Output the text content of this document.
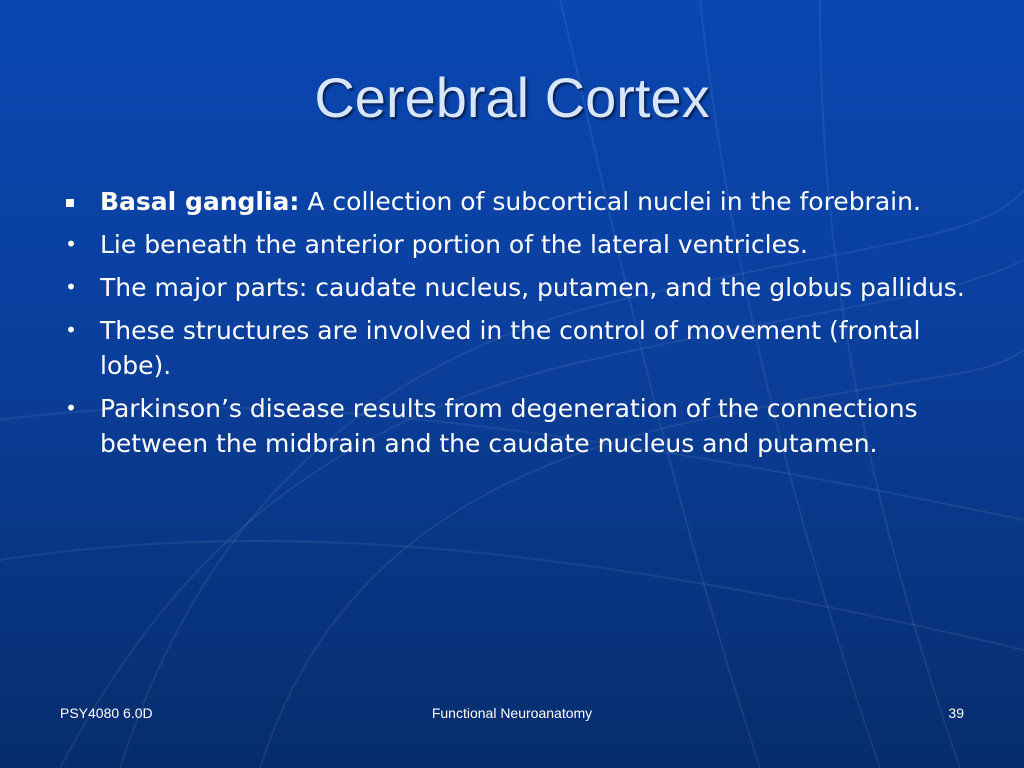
Cerebral Cortex
Basal ganglia: A collection of subcortical nuclei in the forebrain.
• Lie beneath the anterior portion of the lateral ventricles.
• The major parts: caudate nucleus, putamen, and the globus pallidus.
• These structures are involved in the control of movement (frontal lobe).
• Parkinson’s disease results from degeneration of the connections between the midbrain and the caudate nucleus and putamen.
PSY4080 6.0D	Functional Neuroanatomy	39
